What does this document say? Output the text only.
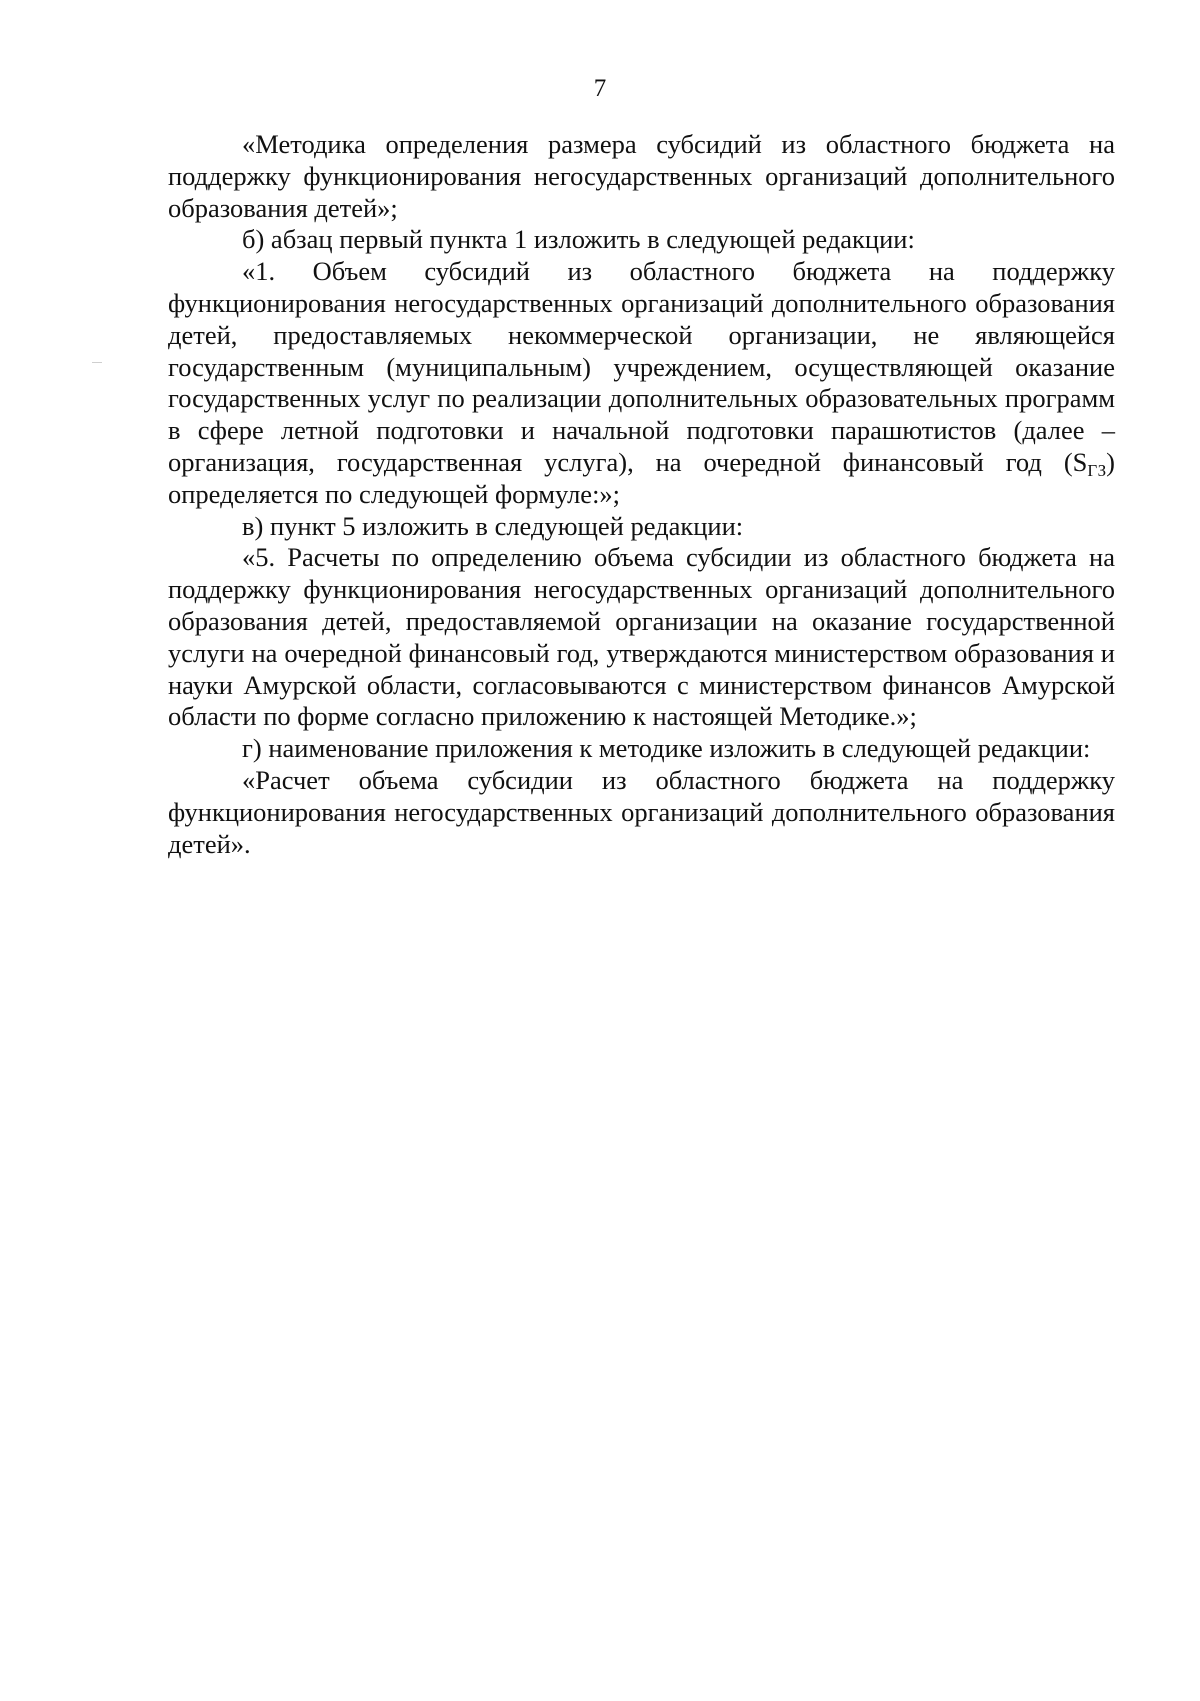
7

«Методика определения размера субсидий из областного бюджета на поддержку функционирования негосударственных организаций дополнительного образования детей»;

б) абзац первый пункта 1 изложить в следующей редакции:

«1. Объем субсидий из областного бюджета на поддержку функционирования негосударственных организаций дополнительного образования детей, предоставляемых некоммерческой организации, не являющейся государственным (муниципальным) учреждением, осуществляющей оказание государственных услуг по реализации дополнительных образовательных программ в сфере летной подготовки и начальной подготовки парашютистов (далее – организация, государственная услуга), на очередной финансовый год $(S_{ГЗ})$ определяется по следующей формуле:»;

в) пункт 5 изложить в следующей редакции:

«5. Расчеты по определению объема субсидии из областного бюджета на поддержку функционирования негосударственных организаций дополнительного образования детей, предоставляемой организации на оказание государственной услуги на очередной финансовый год, утверждаются министерством образования и науки Амурской области, согласовываются с министерством финансов Амурской области по форме согласно приложению к настоящей Методике.»;

г) наименование приложения к методике изложить в следующей редакции:

«Расчет объема субсидии из областного бюджета на поддержку функционирования негосударственных организаций дополнительного образования детей».
